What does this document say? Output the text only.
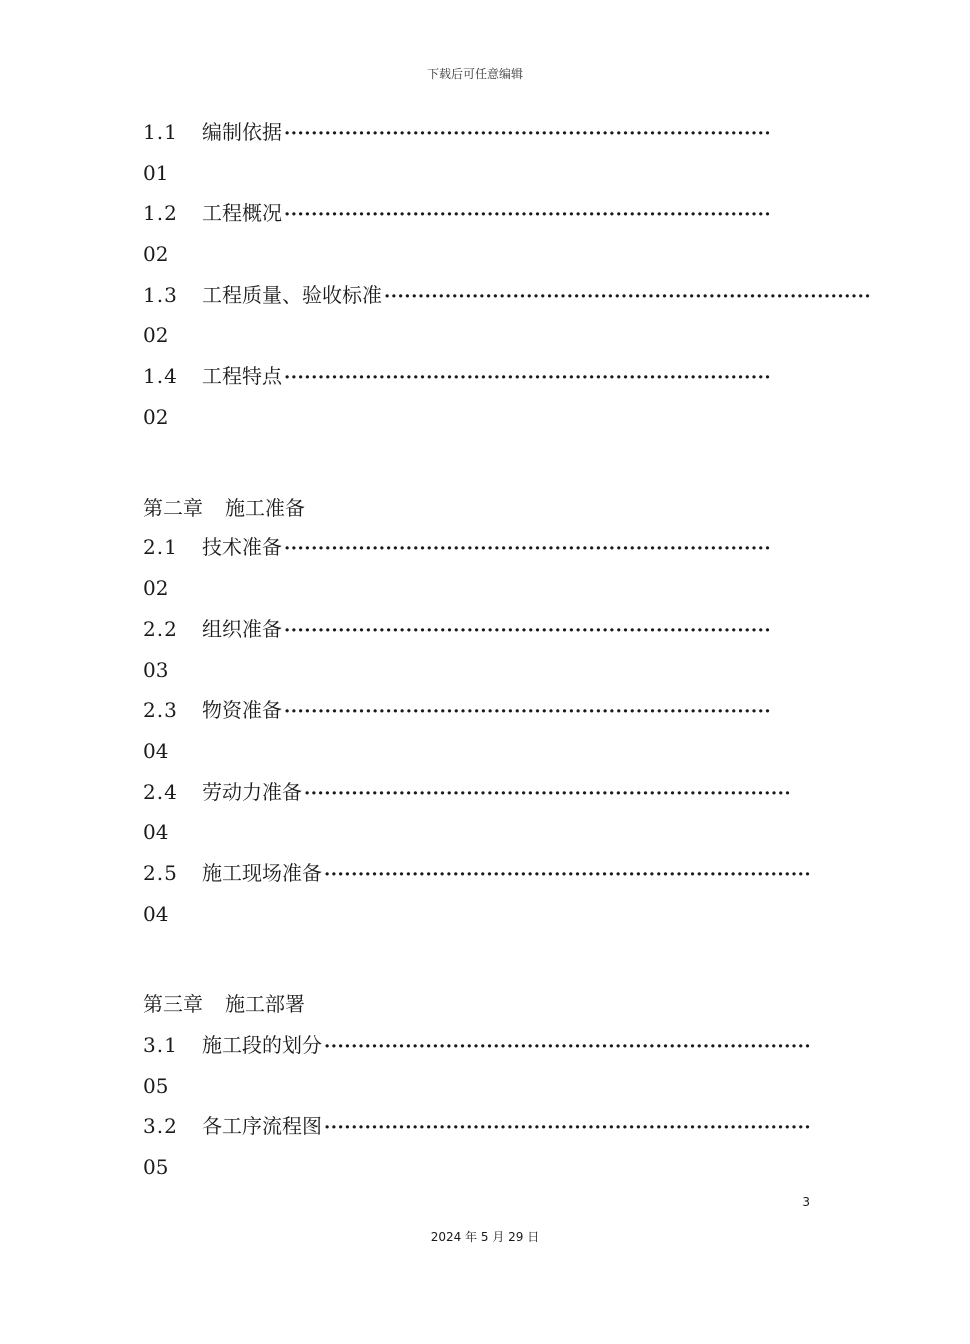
下载后可任意编辑
1.1	编制依据 ········································································
01
1.2	工程概况 ········································································
02
1.3	工程质量、验收标准 ········································································
02
1.4	工程特点 ········································································
02
第二章 施工准备
2.1	技术准备 ········································································
02
2.2	组织准备 ········································································
03
2.3	物资准备 ········································································
04
2.4	劳动力准备 ········································································
04
2.5	施工现场准备 ········································································
04
第三章 施工部署
3.1	施工段的划分 ········································································
05
3.2	各工序流程图 ········································································
05
3
2024 年 5 月 29 日
